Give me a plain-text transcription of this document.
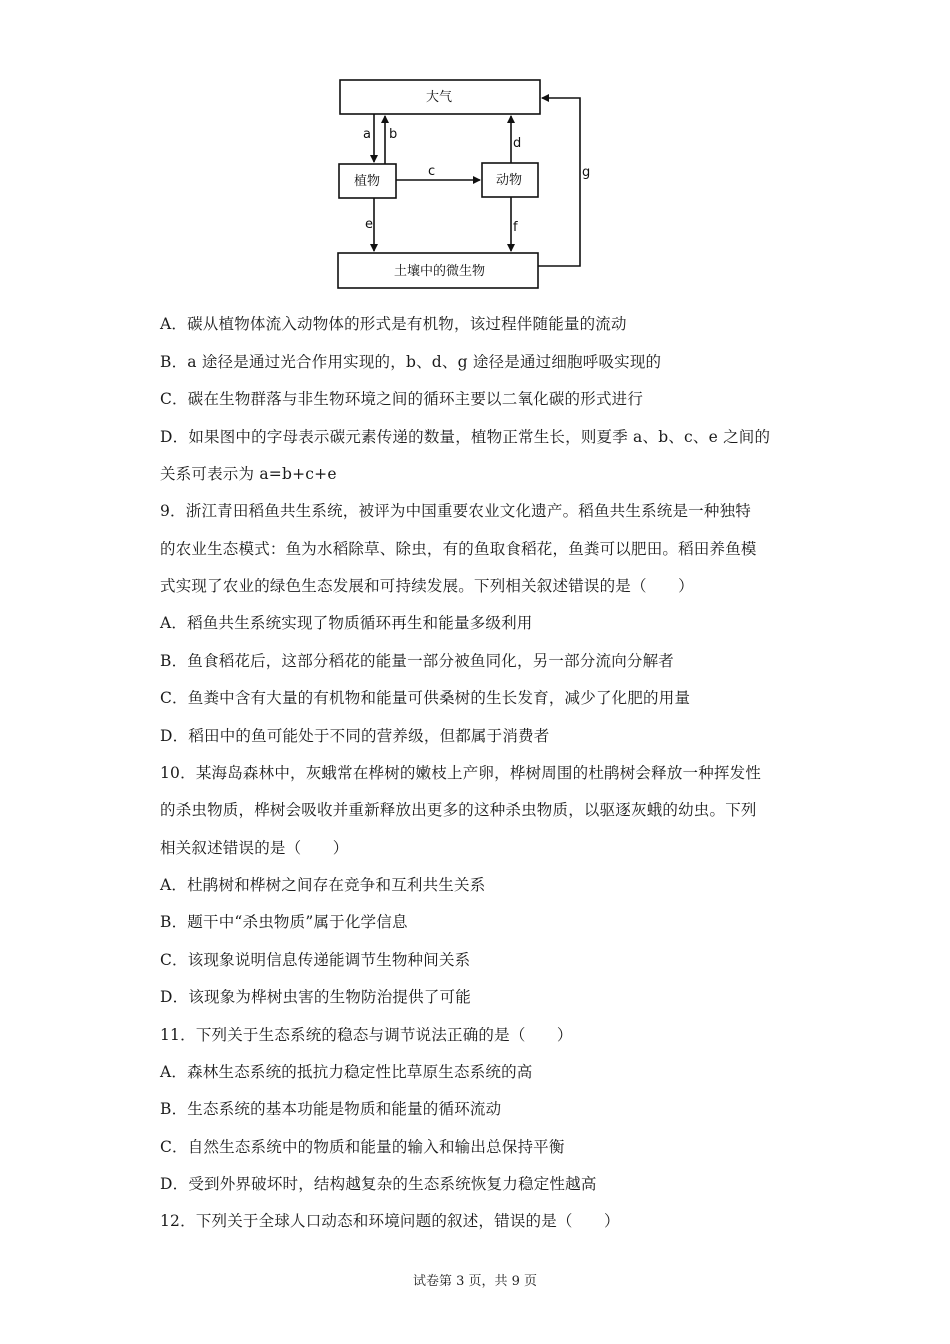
大气
植物	动物
土壤中的微生物
a b
c
d
e	f
g
A．碳从植物体流入动物体的形式是有机物，该过程伴随能量的流动
B．a 途径是通过光合作用实现的，b、d、g 途径是通过细胞呼吸实现的
C．碳在生物群落与非生物环境之间的循环主要以二氧化碳的形式进行
D．如果图中的字母表示碳元素传递的数量，植物正常生长，则夏季 a、b、c、e 之间的
关系可表示为 a=b+c+e
9．浙江青田稻鱼共生系统，被评为中国重要农业文化遗产。稻鱼共生系统是一种独特
的农业生态模式：鱼为水稻除草、除虫，有的鱼取食稻花，鱼粪可以肥田。稻田养鱼模
式实现了农业的绿色生态发展和可持续发展。下列相关叙述错误的是（　　）
A．稻鱼共生系统实现了物质循环再生和能量多级利用
B．鱼食稻花后，这部分稻花的能量一部分被鱼同化，另一部分流向分解者
C．鱼粪中含有大量的有机物和能量可供桑树的生长发育，减少了化肥的用量
D．稻田中的鱼可能处于不同的营养级，但都属于消费者
10．某海岛森林中，灰蛾常在桦树的嫩枝上产卵，桦树周围的杜鹃树会释放一种挥发性
的杀虫物质，桦树会吸收并重新释放出更多的这种杀虫物质，以驱逐灰蛾的幼虫。下列
相关叙述错误的是（　　）
A．杜鹃树和桦树之间存在竞争和互利共生关系
B．题干中“杀虫物质”属于化学信息
C．该现象说明信息传递能调节生物种间关系
D．该现象为桦树虫害的生物防治提供了可能
11．下列关于生态系统的稳态与调节说法正确的是（　　）
A．森林生态系统的抵抗力稳定性比草原生态系统的高
B．生态系统的基本功能是物质和能量的循环流动
C．自然生态系统中的物质和能量的输入和输出总保持平衡
D．受到外界破坏时，结构越复杂的生态系统恢复力稳定性越高
12．下列关于全球人口动态和环境问题的叙述，错误的是（　　）
试卷第 3 页，共 9 页
